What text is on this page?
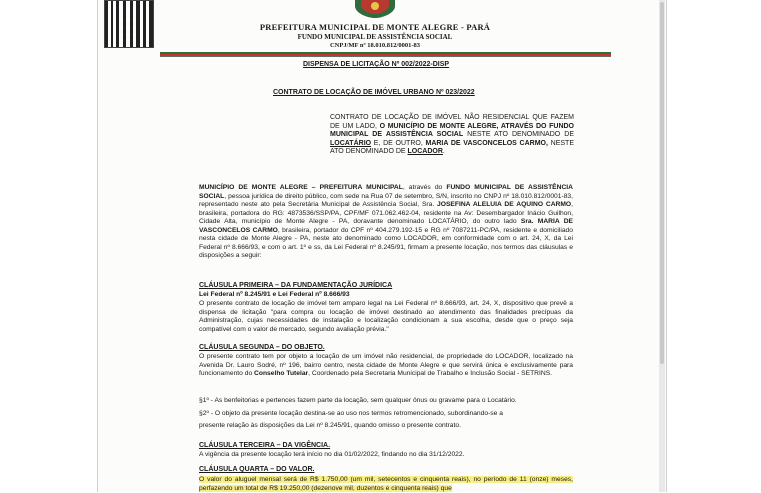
PREFEITURA MUNICIPAL DE MONTE ALEGRE - PARÁ
FUNDO MUNICIPAL DE ASSISTÊNCIA SOCIAL
CNPJ/MF nº 18.010.812/0001-83
DISPENSA DE LICITAÇÃO Nº 002/2022-DISP
CONTRATO DE LOCAÇÃO DE IMÓVEL URBANO Nº 023/2022
CONTRATO DE LOCAÇÃO DE IMÓVEL NÃO RESIDENCIAL QUE FAZEM DE UM LADO, O MUNICÍPIO DE MONTE ALEGRE, ATRAVÉS DO FUNDO MUNICIPAL DE ASSISTÊNCIA SOCIAL NESTE ATO DENOMINADO DE LOCATÁRIO E, DE OUTRO, MARIA DE VASCONCELOS CARMO, NESTE ATO DENOMINADO DE LOCADOR.
MUNICÍPIO DE MONTE ALEGRE – PREFEITURA MUNICIPAL, através do FUNDO MUNICIPAL DE ASSISTÊNCIA SOCIAL, pessoa jurídica de direito público, com sede na Rua 07 de setembro, S/N, inscrito no CNPJ nº 18.010.812/0001-83, representado neste ato pela Secretária Municipal de Assistência Social, Sra. JOSEFINA ALELUIA DE AQUINO CARMO, brasileira, portadora do RG: 4873536/SSP/PA, CPF/MF 071.062.462-04, residente na Av: Desembargador Inácio Guilhon, Cidade Alta, município de Monte Alegre - PA, doravante denominado LOCATÁRIO, do outro lado Sra. MARIA DE VASCONCELOS CARMO, brasileira, portador do CPF nº 404.279.192-15 e RG nº 7087211-PC/PA, residente e domiciliado nesta cidade de Monte Alegre - PA, neste ato denominado como LOCADOR, em conformidade com o art. 24, X, da Lei Federal nº 8.666/93, e com o art. 1º e ss, da Lei Federal nº 8.245/91, firmam a presente locação, nos termos das cláusulas e disposições a seguir:
CLÁUSULA PRIMEIRA – DA FUNDAMENTAÇÃO JURÍDICA
Lei Federal nº 8.245/91 e Lei Federal nº 8.666/93
O presente contrato de locação de imóvel tem amparo legal na Lei Federal nº 8.666/93, art. 24, X, dispositivo que prevê a dispensa de licitação "para compra ou locação de imóvel destinado ao atendimento das finalidades precípuas da Administração, cujas necessidades de instalação e localização condicionam a sua escolha, desde que o preço seja compatível com o valor de mercado, segundo avaliação prévia."
CLÁUSULA SEGUNDA – DO OBJETO.
O presente contrato tem por objeto a locação de um imóvel não residencial, de propriedade do LOCADOR, localizado na Avenida Dr. Lauro Sodré, nº 196, bairro centro, nesta cidade de Monte Alegre e que servirá única e exclusivamente para funcionamento do Conselho Tutelar, Coordenado pela Secretaria Municipal de Trabalho e Inclusão Social - SETRINS.
§1º - As benfeitorias e pertences fazem parte da locação, sem qualquer ônus ou gravame para o Locatário.
§2º - O objeto da presente locação destina-se ao uso nos termos retromencionado, subordinando-se a
presente relação às disposições da Lei nº 8.245/91, quando omisso o presente contrato.
CLÁUSULA TERCEIRA – DA VIGÊNCIA.
A vigência da presente locação terá início no dia 01/02/2022, findando no dia 31/12/2022.
CLÁUSULA QUARTA – DO VALOR.
O valor do aluguel mensal será de R$ 1.750,00 (um mil, setecentos e cinquenta reais), no período de 11 (onze) meses, perfazendo um total de R$ 19.250,00 (dezenove mil, duzentos e cinquenta reais) que
